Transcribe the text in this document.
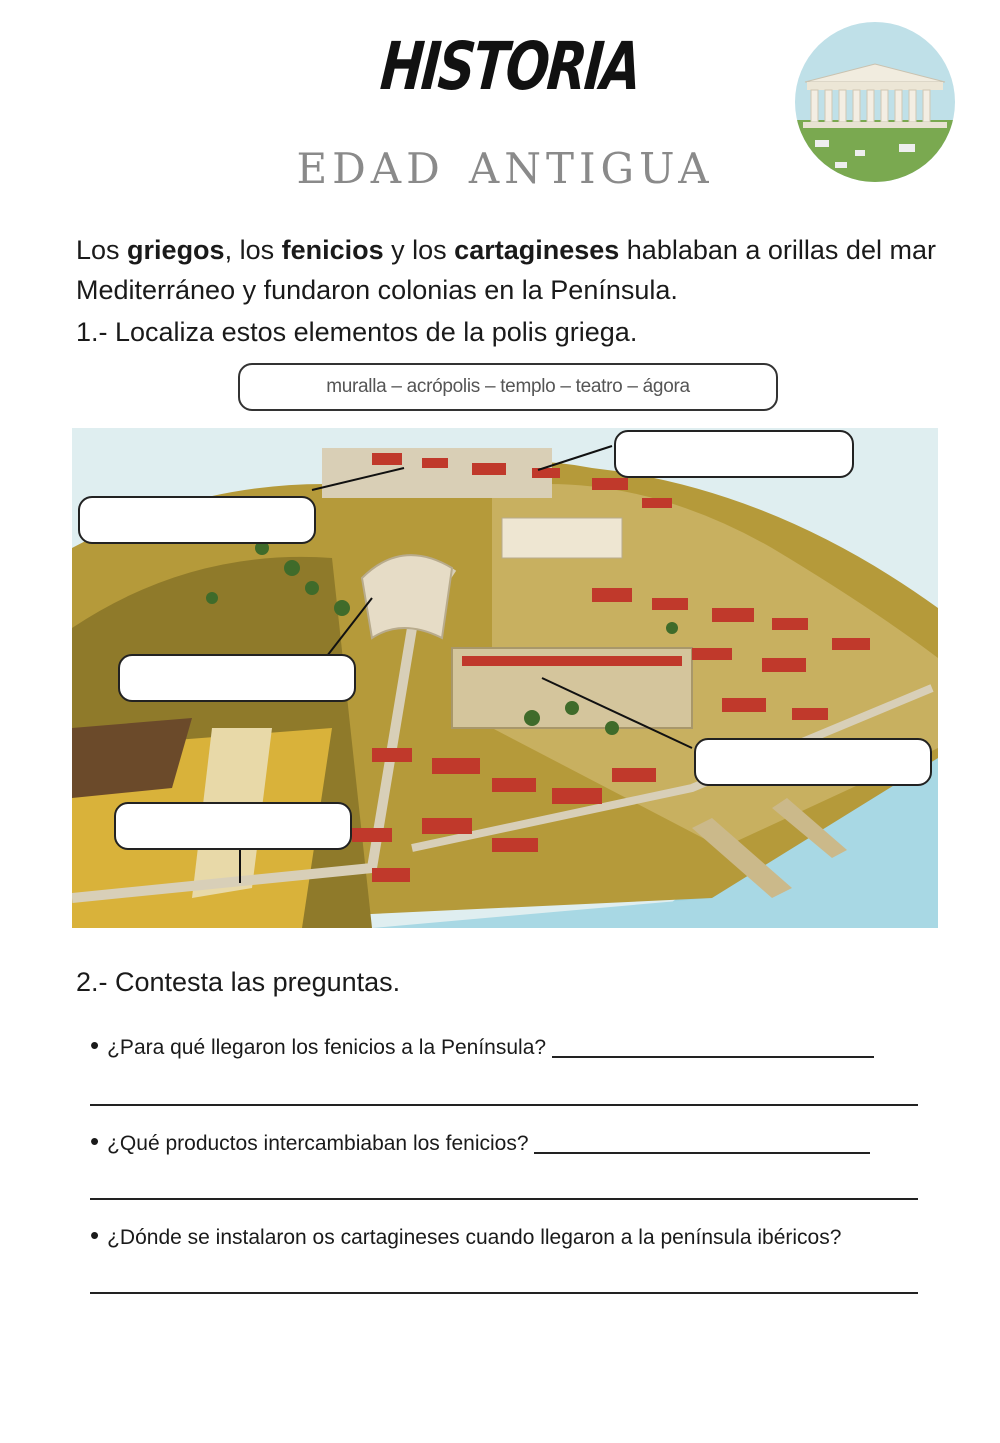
HISTORIA
edad antigua
Los griegos, los fenicios y los cartagineses hablaban a orillas del mar Mediterráneo y fundaron colonias en la Península.
1.- Localiza estos elementos de la polis griega.
muralla – acrópolis – templo – teatro – ágora
2.- Contesta las preguntas.
• ¿Para qué llegaron los fenicios a la Península?
• ¿Qué productos intercambiaban los fenicios?
• ¿Dónde se instalaron os cartagineses cuando llegaron a la península ibéricos?
